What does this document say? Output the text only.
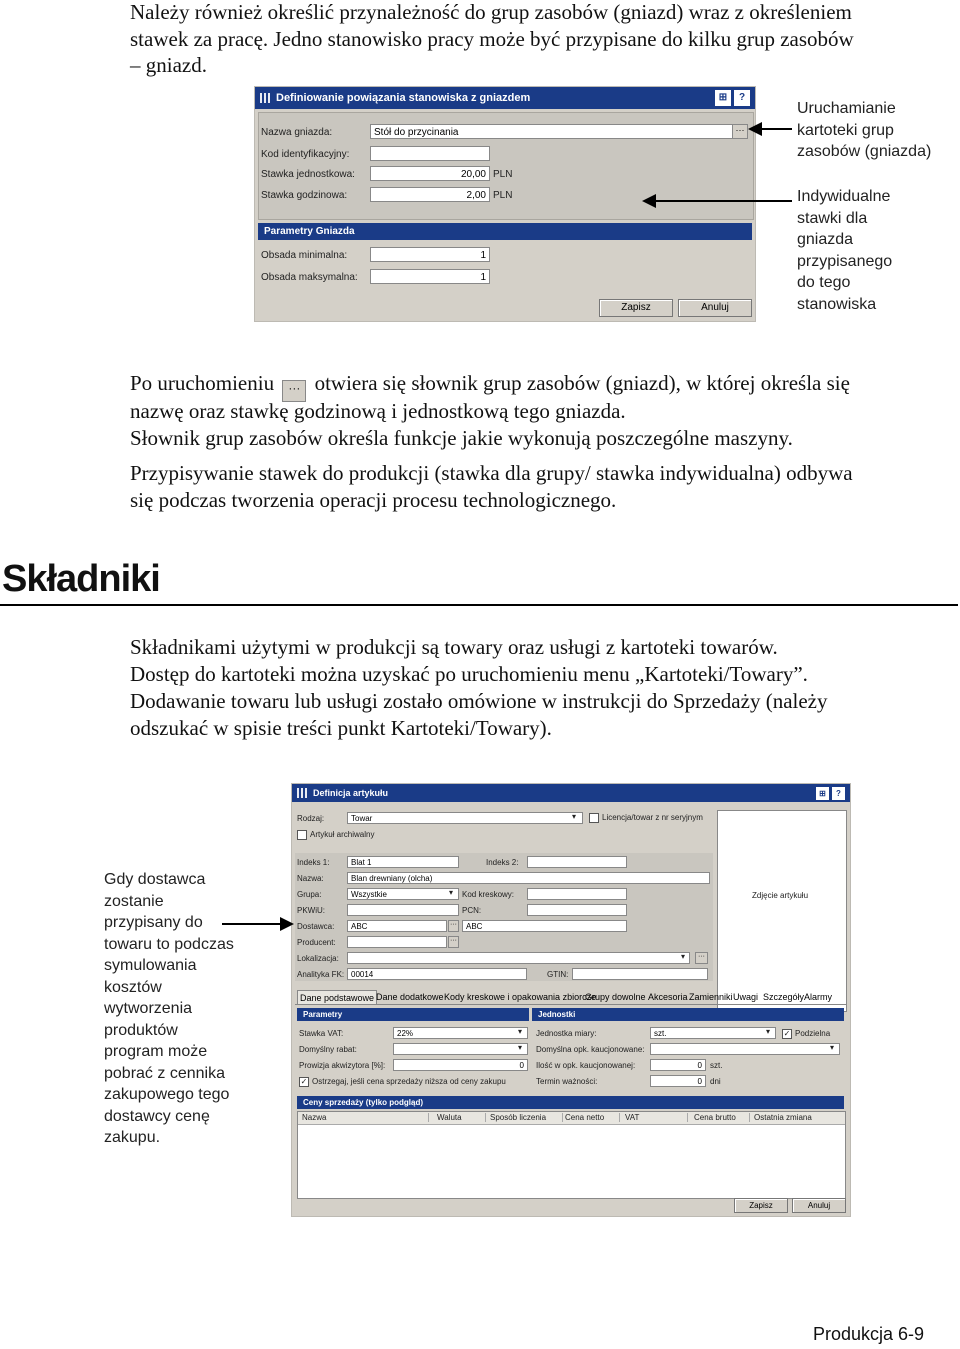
Należy również określić przynależność do grup zasobów (gniazd) wraz z określeniem

stawek za pracę. Jedno stanowisko pracy może być przypisane do kilku grup zasobów

– gniazd.

Definiowanie powiązania stanowiska z gniazdem	⊞	?
Nazwa gniazda:	Stół do przycinania	···
Kod identyfikacyjny:
Stawka jednostkowa:	20,00 PLN
Stawka godzinowa:	2,00 PLN
Parametry Gniazda
Obsada minimalna:	1
Obsada maksymalna:	1
Zapisz	Anuluj
Uruchamianie
kartoteki grup
zasobów (gniazda)
Indywidualne
stawki dla
gniazda
przypisanego
do tego
stanowiska

Po uruchomieniu ··· otwiera się słownik grup zasobów (gniazd), w której określa się

nazwę oraz stawkę godzinową i jednostkową tego gniazda.

Słownik grup zasobów określa funkcje jakie wykonują poszczególne maszyny.

Przypisywanie stawek do produkcji (stawka dla grupy/ stawka indywidualna) odbywa

się podczas tworzenia operacji procesu technologicznego.

Składniki

Składnikami użytymi w produkcji są towary oraz usługi z kartoteki towarów.

Dostęp do kartoteki można uzyskać po uruchomieniu menu „Kartoteki/Towary”.

Dodawanie towaru lub usługi zostało omówione w instrukcji do Sprzedaży (należy

odszukać w spisie treści punkt Kartoteki/Towary).

Definicja artykułu	⊞	?
Rodzaj:	Towar	▾	Licencja/towar z nr seryjnym
Artykuł archiwalny
Zdjęcie artykułu
Indeks 1:	Blat 1	Indeks 2:
Nazwa:	Blan drewniany (olcha)
Grupa:	Wszystkie	▾ Kod kreskowy:
PKWiU:	PCN:
Dostawca:	ABC	···	ABC
Producent:	···
Lokalizacja:	▾	···
Analityka FK: 00014	GTIN:
Dane podstawowe Dane dodatkowe Kody kreskowe i opakowania zbiorcze
Grupy dowolne Akcesoria Zamienniki Uwagi Szczegóły Alarmy
Parametry	Jednostki
Stawka VAT:	22%	▾
Domyślny rabat:	▾
Prowizja akwizytora [%]:	0
✓ Ostrzegaj, jeśli cena sprzedaży niższa od ceny zakupu
Jednostka miary:	szt.	▾ ✓ Podzielna
Domyślna opk. kaucjonowane:	▾
Ilość w opk. kaucjonowanej:	0	szt.
Termin ważności:	0	dni
Ceny sprzedaży (tylko podgląd)
Nazwa	Waluta	Sposób liczenia	Cena netto	VAT	Cena brutto	Ostatnia zmiana
Zapisz	Anuluj
Gdy dostawca
zostanie
przypisany do
towaru to podczas
symulowania
kosztów
wytworzenia
produktów
program może
pobrać z cennika
zakupowego tego
dostawcy cenę
zakupu.
Produkcja 6-9
